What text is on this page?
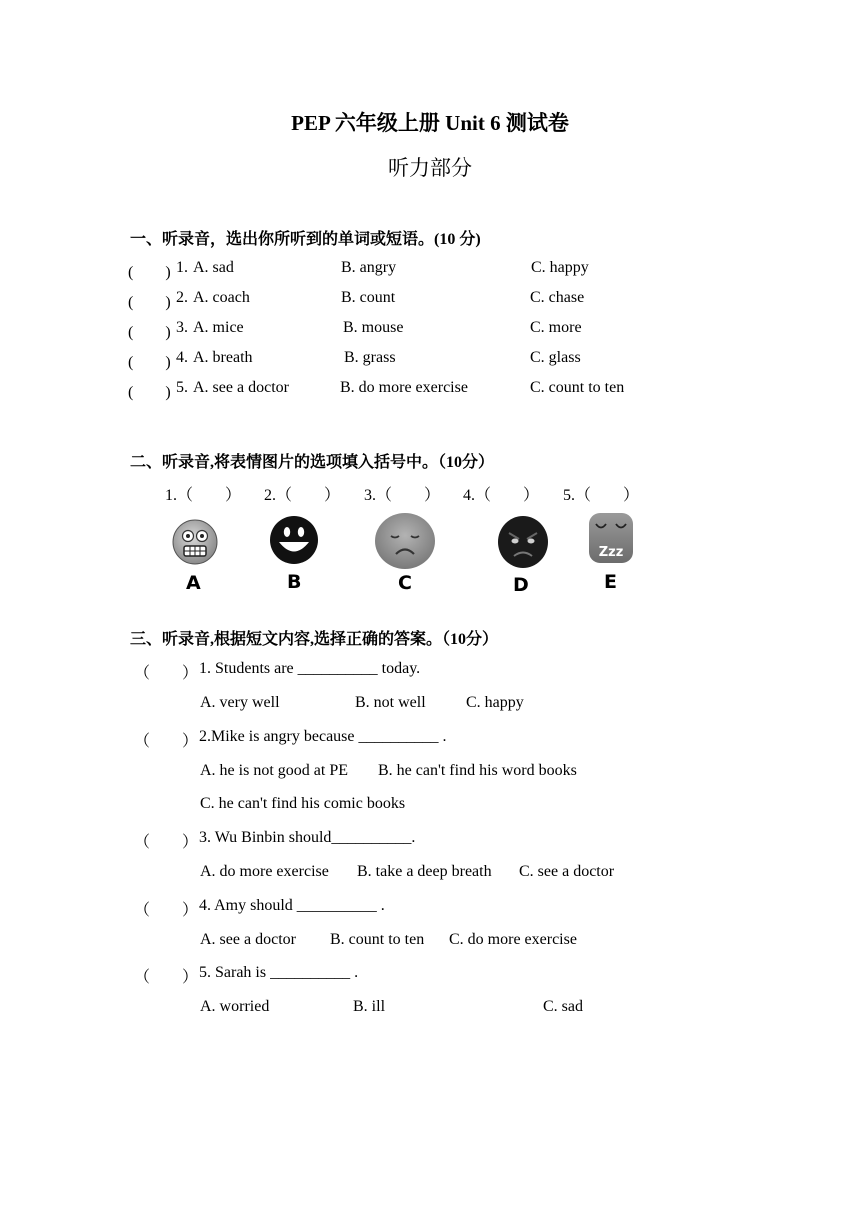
PEP 六年级上册 Unit 6 测试卷
听力部分
一、听录音，选出你所听到的单词或短语。(10 分)
(　　) 1. A. sad	B. angry	C. happy
(　　) 2. A. coach	B. count	C. chase
(　　) 3. A. mice	B. mouse	C. more
(　　) 4. A. breath	B. grass	C. glass
(　　) 5. A. see a doctor	B. do more exercise	C. count to ten
二、听录音,将表情图片的选项填入括号中。（10分）
1.（　　） 2.（　　） 3.（　　） 4.（　　） 5.（　　）
A	B	C	D
Zzz
E
三、听录音,根据短文内容,选择正确的答案。（10分）
（　　） 1. Students are __________ today.
A. very well	B. not well	C. happy
（　　） 2.Mike is angry because __________ .
A. he is not good at PE B. he can't find his word books
C. he can't find his comic books
（　　） 3. Wu Binbin should__________.
A. do more exercise B. take a deep breath C. see a doctor
（　　） 4. Amy should __________ .
A. see a doctor B. count to ten C. do more exercise
（　　） 5. Sarah is __________ .
A. worried	B. ill	C. sad
